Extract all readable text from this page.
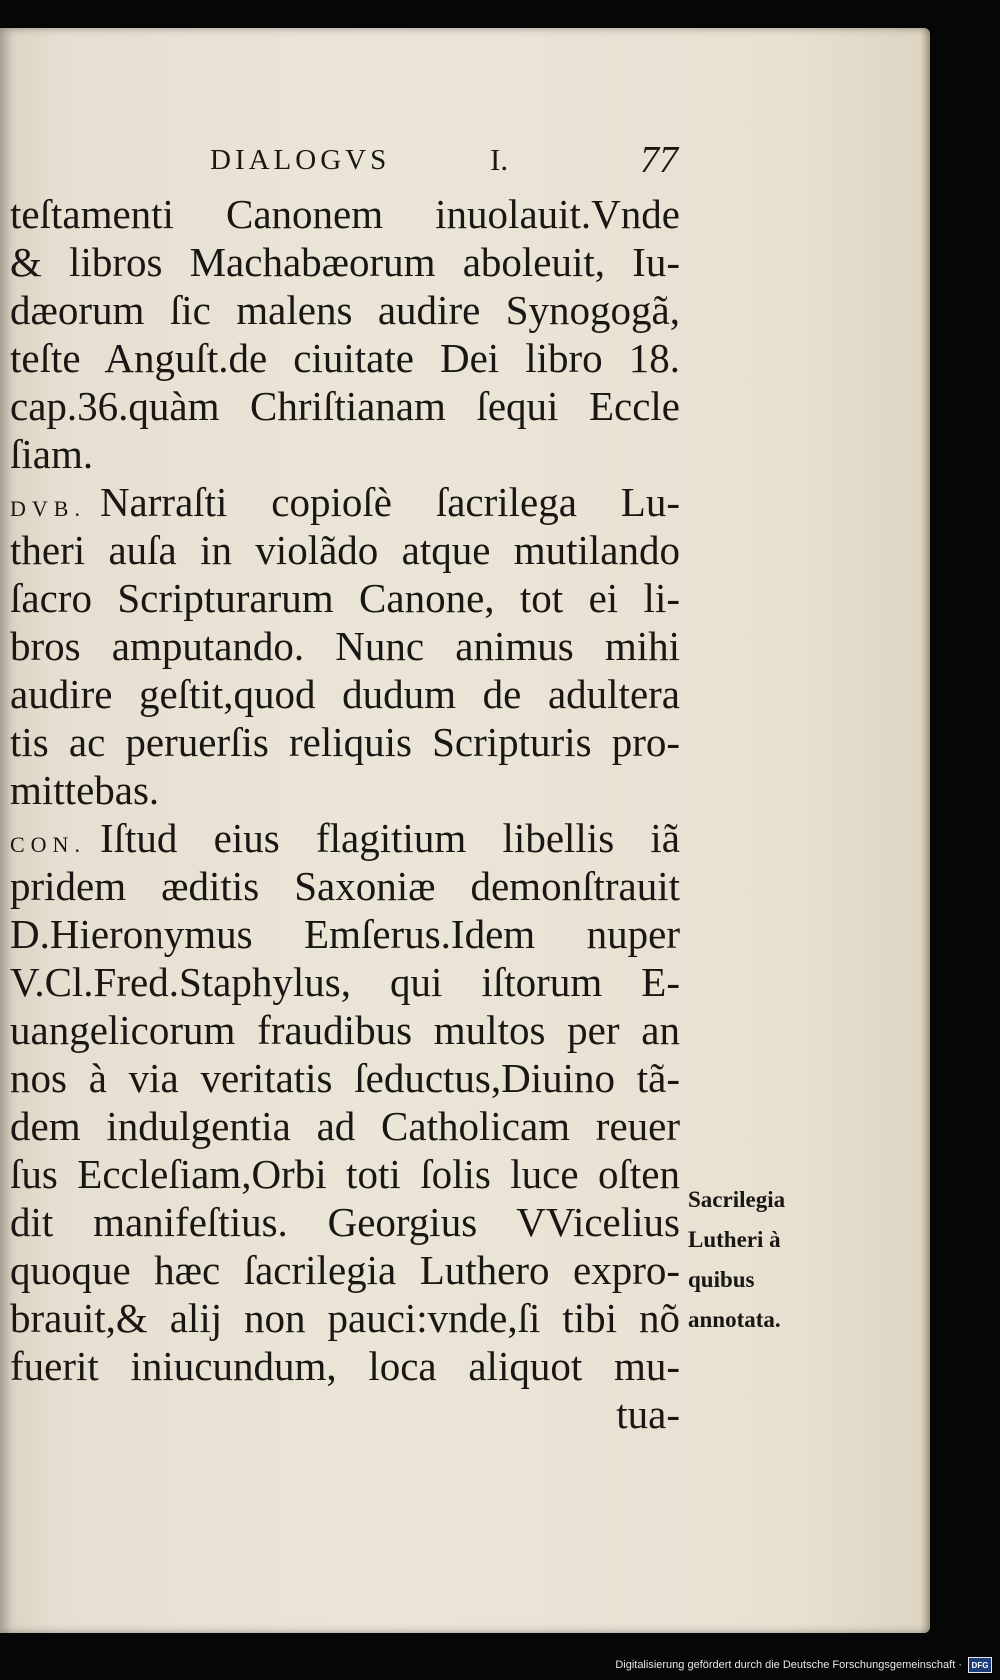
DIALOGVS	I.	77
teſtamenti Canonem inuolauit.Vnde
& libros Machabæorum aboleuit, Iu-
dæorum ſic malens audire Synogogã,
teſte Anguſt.de ciuitate Dei libro 18.
cap.36.quàm Chriſtianam ſequi Eccle
ſiam.
DVB. Narraſti copioſè ſacrilega Lu-
theri auſa in violãdo atque mutilando
ſacro Scripturarum Canone, tot ei li-
bros amputando. Nunc animus mihi
audire geſtit,quod dudum de adultera
tis ac peruerſis reliquis Scripturis pro-
mittebas.
CON. Iſtud eius flagitium libellis iã
pridem æditis Saxoniæ demonſtrauit
D.Hieronymus Emſerus.Idem nuper
V.Cl.Fred.Staphylus, qui iſtorum E-
uangelicorum fraudibus multos per an
nos à via veritatis ſeductus,Diuino tã-
dem indulgentia ad Catholicam reuer
ſus Eccleſiam,Orbi toti ſolis luce oſten
dit manifeſtius. Georgius VVicelius
quoque hæc ſacrilegia Luthero expro-
brauit,& alij non pauci:vnde,ſi tibi nõ
fuerit iniucundum, loca aliquot mu-
tua-
Sacrilegia
Lutheri à
quibus
annotata.
Digitalisierung gefördert durch die Deutsche Forschungsgemeinschaft ·	DFG
